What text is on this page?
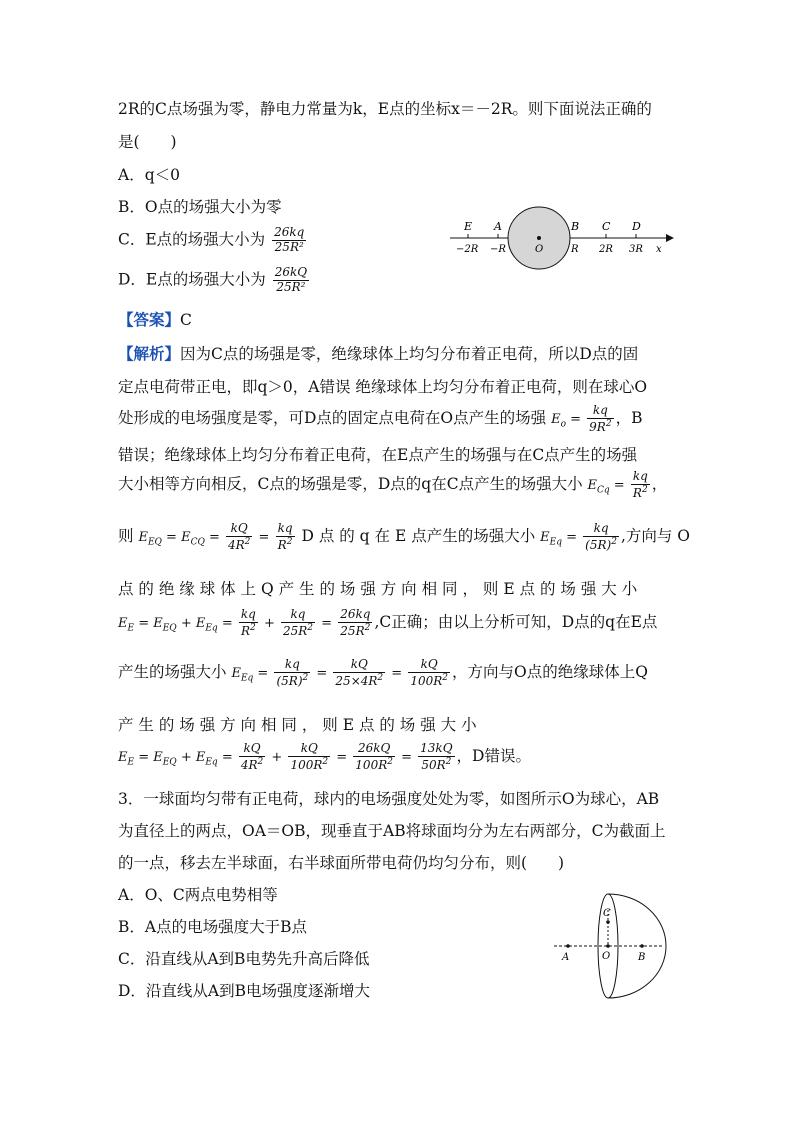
2R的C点场强为零，静电力常量为k，E点的坐标x＝－2R。则下面说法正确的
是(　　)
A．q＜0
B．O点的场强大小为零
C．E点的场强大小为 $\frac{26kq}{\text{25R²}}$
D．E点的场强大小为 $\frac{26kQ}{\text{25R²}}$
E A	B C D
−2R −R	O	R 2R 3R x
【答案】C
【解析】因为C点的场强是零，绝缘球体上均匀分布着正电荷，所以D点的固
定点电荷带正电，即q＞0，A错误 绝缘球体上均匀分布着正电荷，则在球心O
处形成的电场强度是零，可D点的固定点电荷在O点产生的场强 $E_o = \frac{kq}{9R^2}$ ，B
错误；绝缘球体上均匀分布着正电荷，在E点产生的场强与在C点产生的场强
大小相等方向相反，C点的场强是零，D点的q在C点产生的场强大小 $E_{Cq} = \frac{kq}{R^2}$ ，
则 $E_{EQ} = E_{CQ} = \frac{kQ}{4R^2} = \frac{kq}{R^2}$ D 点 的 q 在 E 点产生的场强大小 $E_{Eq} = \frac{kq}{(5R)^2}$ ,方向与 O
点 的 绝 缘 球 体 上 Q 产 生 的 场 强 方 向 相 同 ， 则 E 点 的 场 强 大 小
$E_E = E_{EQ} + E_{Eq} = \frac{kq}{R^2} + \frac{kq}{25R^2} = \frac{26kq}{25R^2} ,C$正确；由以上分析可知，D点的q在E点
产生的场强大小 $E_{Eq} = \frac{kq}{(5R)^2} = \frac{kQ}{25\times 4R^2} = \frac{kQ}{100R^2}$ ，方向与O点的绝缘球体上Q
产 生 的 场 强 方 向 相 同 ， 则 E 点 的 场 强 大 小
$E_E = E_{EQ} + E_{Eq} = \frac{kQ}{4R^2} + \frac{kQ}{100R^2} = \frac{26kQ}{100R^2} = \frac{13kQ}{50R^2}$ ，D错误。
3．一球面均匀带有正电荷，球内的电场强度处处为零，如图所示O为球心，AB
为直径上的两点，OA＝OB，现垂直于AB将球面均分为左右两部分，C为截面上
的一点，移去左半球面，右半球面所带电荷仍均匀分布，则(　　)
A．O、C两点电势相等
B．A点的电场强度大于B点
C．沿直线从A到B电势先升高后降低
D．沿直线从A到B电场强度逐渐增大
C
A	O	B
